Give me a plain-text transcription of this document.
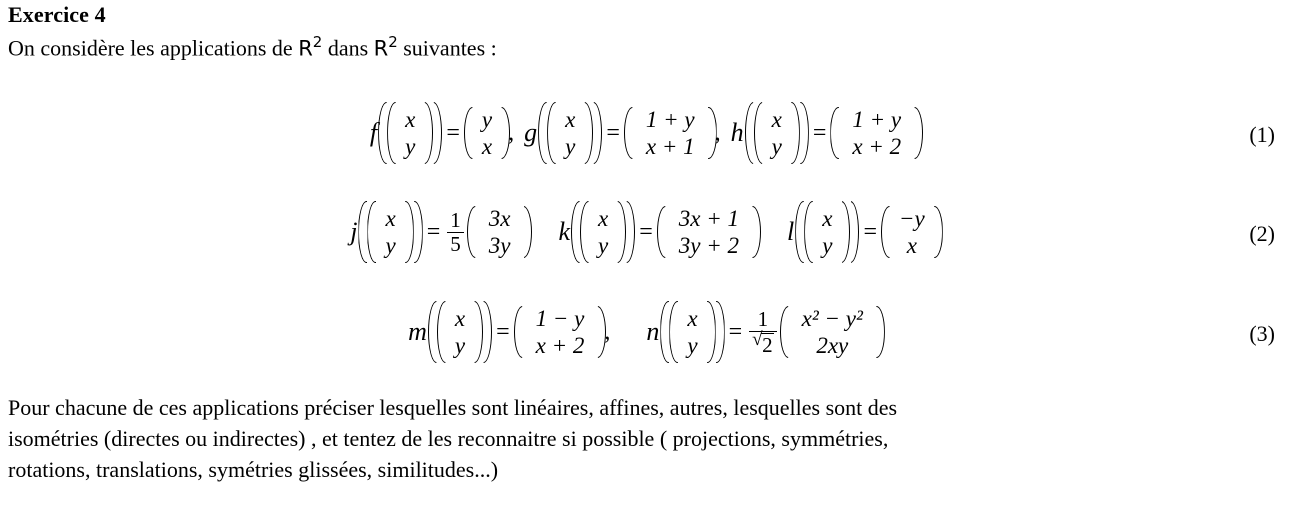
Exercice 4
On considère les applications de $R^2$ dans $R^2$ suivantes :
f x
y
=
y
x
, g x
y
=
1 + y
x + 1
, h x
y
=
1 + y
x + 2	(1)
j x
y
= $\frac{1}{5} 3x$
3y k x
y
=
3x + 1
3y + 2 l x
y
=
−y
x	(2)
m x
y
=
1 − y
x + 2
, n x
y
= 1
√ 2 x² − y²
2xy	(3)
Pour chacune de ces applications préciser lesquelles sont linéaires, affines, autres, lesquelles sont des
isométries (directes ou indirectes) , et tentez de les reconnaitre si possible ( projections, symmétries,
rotations, translations, symétries glissées, similitudes...)
